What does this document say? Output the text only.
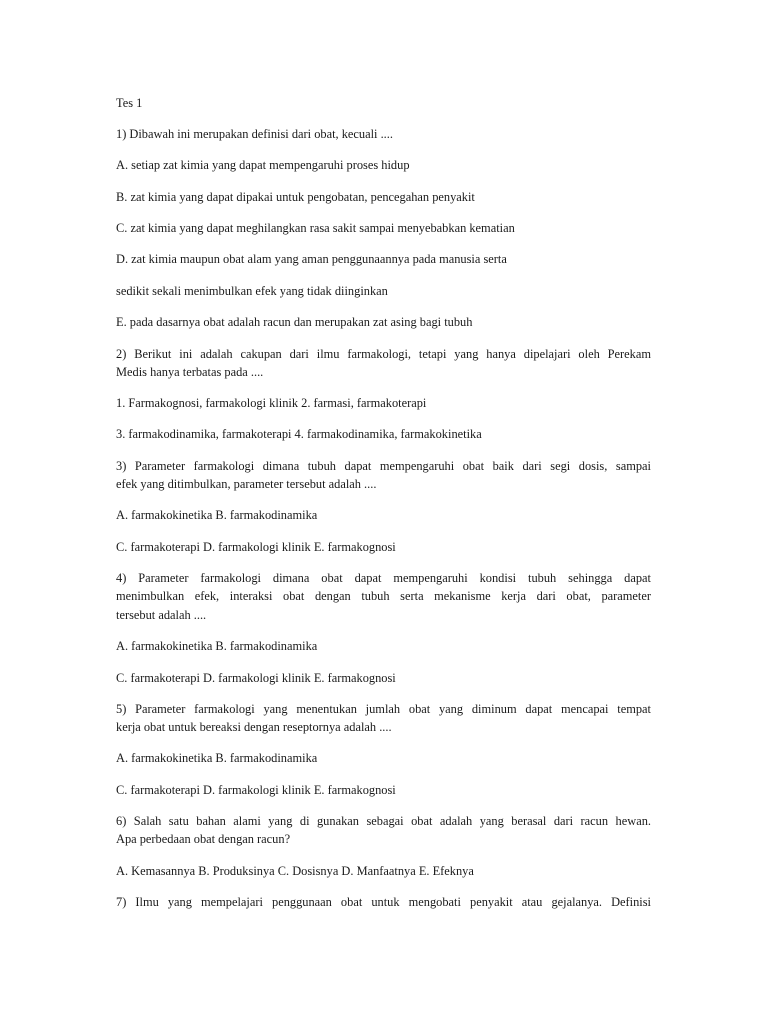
Tes 1

1) Dibawah ini merupakan definisi dari obat, kecuali ....

A. setiap zat kimia yang dapat mempengaruhi proses hidup

B. zat kimia yang dapat dipakai untuk pengobatan, pencegahan penyakit

C. zat kimia yang dapat meghilangkan rasa sakit sampai menyebabkan kematian

D. zat kimia maupun obat alam yang aman penggunaannya pada manusia serta

sedikit sekali menimbulkan efek yang tidak diinginkan

E. pada dasarnya obat adalah racun dan merupakan zat asing bagi tubuh

2) Berikut ini adalah cakupan dari ilmu farmakologi, tetapi yang hanya dipelajari oleh Perekam

Medis hanya terbatas pada ....

1. Farmakognosi, farmakologi klinik 2. farmasi, farmakoterapi

3. farmakodinamika, farmakoterapi 4. farmakodinamika, farmakokinetika

3) Parameter farmakologi dimana tubuh dapat mempengaruhi obat baik dari segi dosis, sampai

efek yang ditimbulkan, parameter tersebut adalah ....

A. farmakokinetika B. farmakodinamika

C. farmakoterapi D. farmakologi klinik E. farmakognosi

4) Parameter farmakologi dimana obat dapat mempengaruhi kondisi tubuh sehingga dapat

menimbulkan efek, interaksi obat dengan tubuh serta mekanisme kerja dari obat, parameter

tersebut adalah ....

A. farmakokinetika B. farmakodinamika

C. farmakoterapi D. farmakologi klinik E. farmakognosi

5) Parameter farmakologi yang menentukan jumlah obat yang diminum dapat mencapai tempat

kerja obat untuk bereaksi dengan reseptornya adalah ....

A. farmakokinetika B. farmakodinamika

C. farmakoterapi D. farmakologi klinik E. farmakognosi

6) Salah satu bahan alami yang di gunakan sebagai obat adalah yang berasal dari racun hewan.

Apa perbedaan obat dengan racun?

A. Kemasannya B. Produksinya C. Dosisnya D. Manfaatnya E. Efeknya

7) Ilmu yang mempelajari penggunaan obat untuk mengobati penyakit atau gejalanya. Definisi
